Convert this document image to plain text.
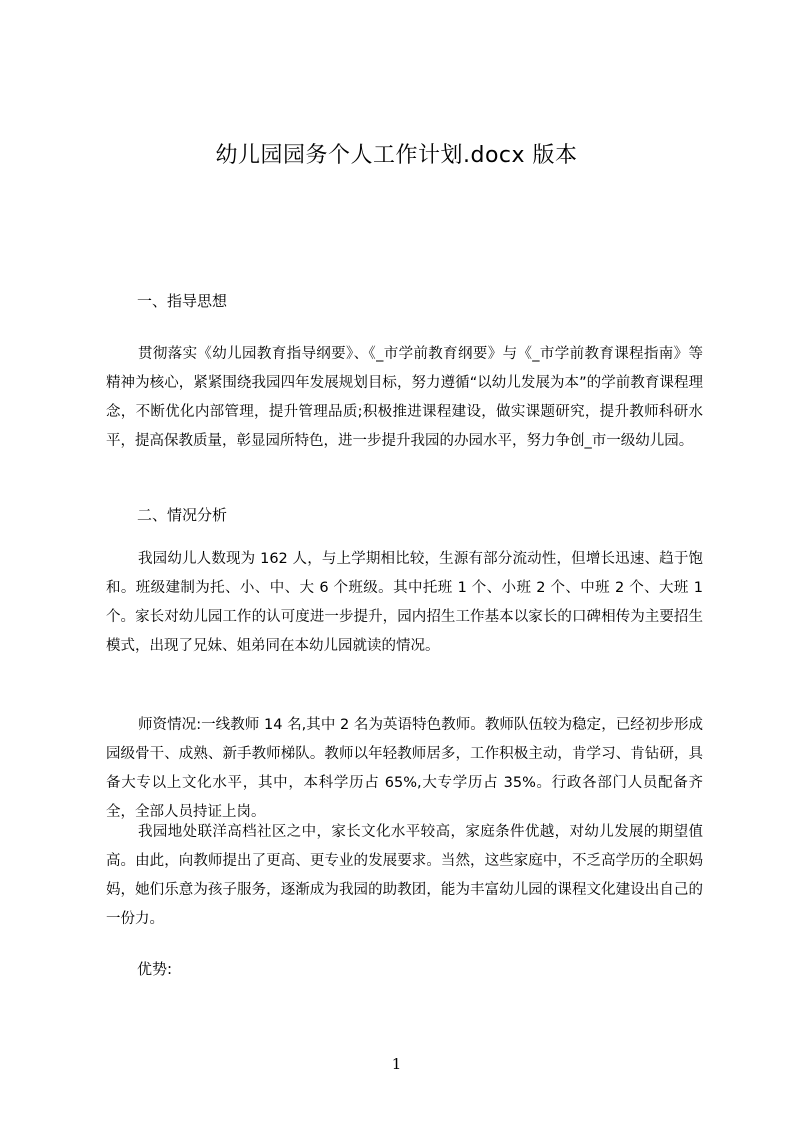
幼儿园园务个人工作计划.docx 版本
一、指导思想
贯彻落实《幼儿园教育指导纲要》、《_市学前教育纲要》与《_市学前教育课程指南》等精神为核心，紧紧围绕我园四年发展规划目标，努力遵循“以幼儿发展为本”的学前教育课程理念，不断优化内部管理，提升管理品质;积极推进课程建设，做实课题研究，提升教师科研水平，提高保教质量，彰显园所特色，进一步提升我园的办园水平，努力争创_市一级幼儿园。
二、情况分析
我园幼儿人数现为 162 人，与上学期相比较，生源有部分流动性，但增长迅速、趋于饱和。班级建制为托、小、中、大 6 个班级。其中托班 1 个、小班 2 个、中班 2 个、大班 1 个。家长对幼儿园工作的认可度进一步提升，园内招生工作基本以家长的口碑相传为主要招生模式，出现了兄妹、姐弟同在本幼儿园就读的情况。
师资情况:一线教师 14 名,其中 2 名为英语特色教师。教师队伍较为稳定，已经初步形成园级骨干、成熟、新手教师梯队。教师以年轻教师居多，工作积极主动，肯学习、肯钻研，具备大专以上文化水平，其中，本科学历占 65%,大专学历占 35%。行政各部门人员配备齐全，全部人员持证上岗。
我园地处联洋高档社区之中，家长文化水平较高，家庭条件优越，对幼儿发展的期望值高。由此，向教师提出了更高、更专业的发展要求。当然，这些家庭中，不乏高学历的全职妈妈，她们乐意为孩子服务，逐渐成为我园的助教团，能为丰富幼儿园的课程文化建设出自己的一份力。
优势:
1
